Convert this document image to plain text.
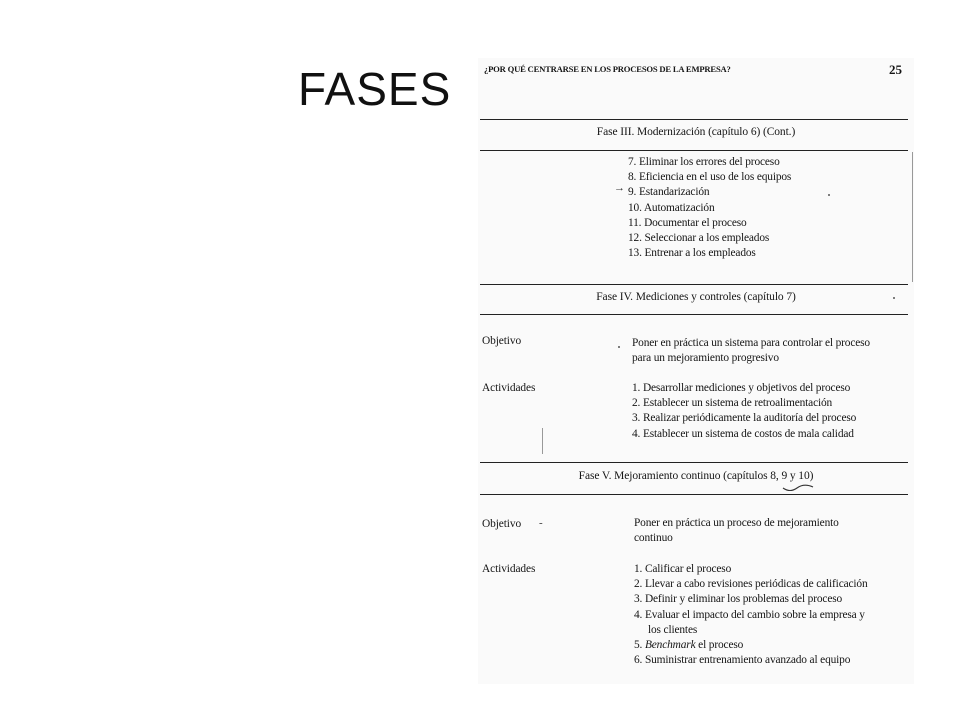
FASES	¿POR QUÉ CENTRARSE EN LOS PROCESOS DE LA EMPRESA?	25
Fase III. Modernización (capítulo 6) (Cont.)
7. Eliminar los errores del proceso
8. Eficiencia en el uso de los equipos
9. Estandarización
10. Automatización
11. Documentar el proceso
12. Seleccionar a los empleados
13. Entrenar a los empleados
→
Fase IV. Mediciones y controles (capítulo 7)
Objetivo	Poner en práctica un sistema para controlar el proceso
para un mejoramiento progresivo
Actividades	1. Desarrollar mediciones y objetivos del proceso
2. Establecer un sistema de retroalimentación
3. Realizar periódicamente la auditoría del proceso
4. Establecer un sistema de costos de mala calidad
Fase V. Mejoramiento continuo (capítulos 8, 9 y 10)
Objetivo -	Poner en práctica un proceso de mejoramiento
continuo
Actividades	1. Calificar el proceso
2. Llevar a cabo revisiones periódicas de calificación
3. Definir y eliminar los problemas del proceso
4. Evaluar el impacto del cambio sobre la empresa y
los clientes
5. Benchmark el proceso
6. Suministrar entrenamiento avanzado al equipo
